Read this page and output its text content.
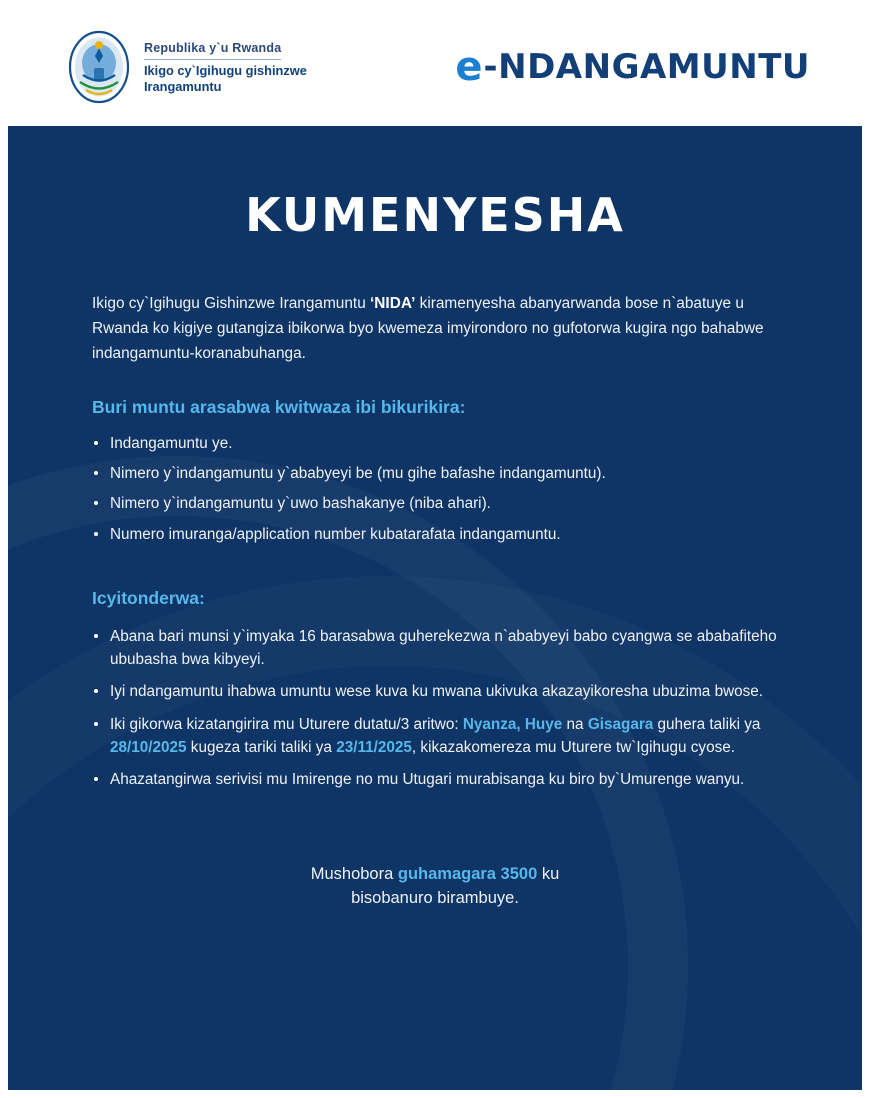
Republika y`u Rwanda
Ikigo cy`Igihugu gishinzwe Irangamuntu	e -NDANGAMUNTU
KUMENYESHA

Ikigo cy`Igihugu Gishinzwe Irangamuntu ‘NIDA’ kiramenyesha abanyarwanda bose n`abatuye u Rwanda ko kigiye gutangiza ibikorwa byo kwemeza imyirondoro no gufotorwa kugira ngo bahabwe indangamuntu-koranabuhanga.

Buri muntu arasabwa kwitwaza ibi bikurikira:
Indangamuntu ye.
Nimero y`indangamuntu y`ababyeyi be (mu gihe bafashe indangamuntu).
Nimero y`indangamuntu y`uwo bashakanye (niba ahari).
Numero imuranga/application number kubatarafata indangamuntu.
Icyitonderwa:
Abana bari munsi y`imyaka 16 barasabwa guherekezwa n`ababyeyi babo cyangwa se ababafiteho ububasha bwa kibyeyi.
Iyi ndangamuntu ihabwa umuntu wese kuva ku mwana ukivuka akazayikoresha ubuzima bwose.
Iki gikorwa kizatangirira mu Uturere dutatu/3 aritwo: Nyanza, Huye na Gisagara guhera taliki ya 28/10/2025 kugeza tariki taliki ya 23/11/2025, kikazakomereza mu Uturere tw`Igihugu cyose.
Ahazatangirwa serivisi mu Imirenge no mu Utugari murabisanga ku biro by`Umurenge wanyu.
Mushobora guhamagara 3500 ku
bisobanuro birambuye.
